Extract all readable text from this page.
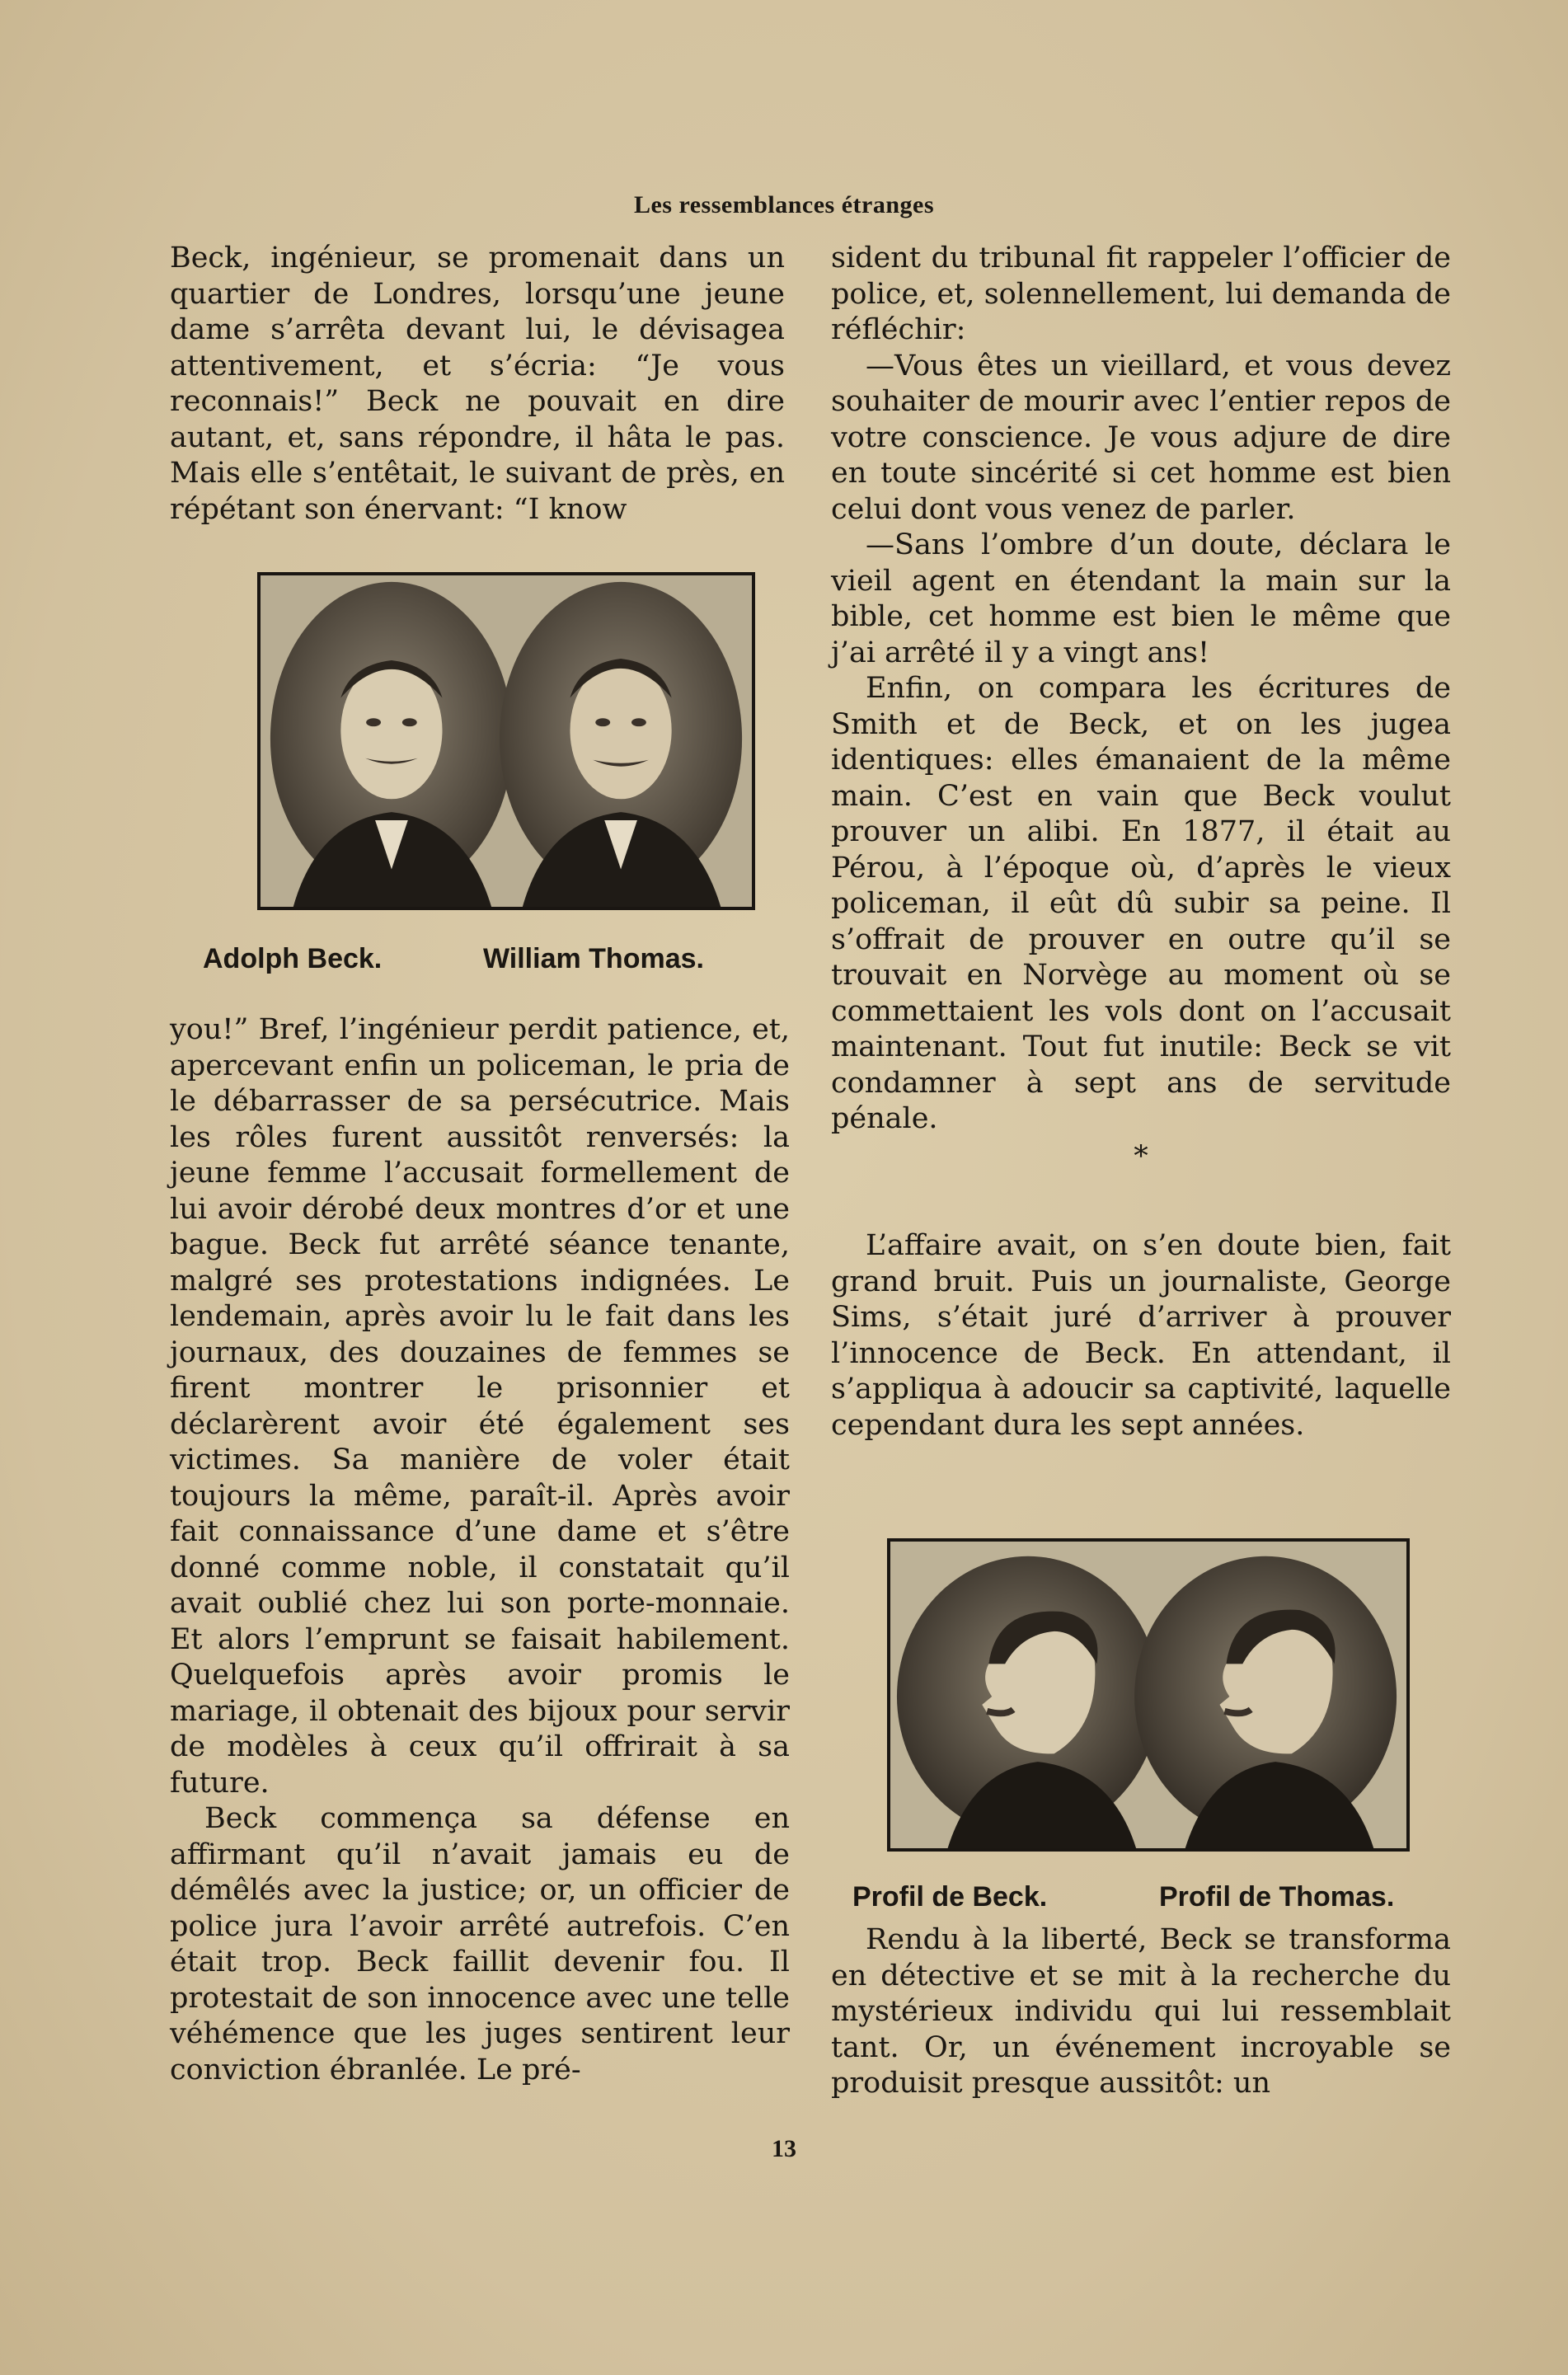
Les ressemblances étranges

Beck, ingénieur, se promenait dans un quartier de Londres, lorsqu’une jeune dame s’arrêta devant lui, le dévisagea attentivement, et s’écria: “Je vous reconnais!” Beck ne pouvait en dire autant, et, sans répondre, il hâta le pas. Mais elle s’entêtait, le suivant de près, en répétant son énervant: “I know

Adolph Beck.	William Thomas.

you!” Bref, l’ingénieur perdit patience, et, apercevant enfin un policeman, le pria de le débarrasser de sa persécutrice. Mais les rôles furent aussitôt renversés: la jeune femme l’accusait formellement de lui avoir dérobé deux montres d’or et une bague. Beck fut arrêté séance tenante, malgré ses protestations indignées. Le lendemain, après avoir lu le fait dans les journaux, des douzaines de femmes se firent montrer le prisonnier et déclarèrent avoir été également ses victimes. Sa manière de voler était toujours la même, paraît-il. Après avoir fait connaissance d’une dame et s’être donné comme noble, il constatait qu’il avait oublié chez lui son porte-monnaie. Et alors l’emprunt se faisait habilement. Quelquefois après avoir promis le mariage, il obtenait des bijoux pour servir de modèles à ceux qu’il offrirait à sa future.

Beck commença sa défense en affirmant qu’il n’avait jamais eu de démêlés avec la justice; or, un officier de police jura l’avoir arrêté autrefois. C’en était trop. Beck faillit devenir fou. Il protestait de son innocence avec une telle véhémence que les juges sentirent leur conviction ébranlée. Le pré-

sident du tribunal fit rappeler l’officier de police, et, solennellement, lui demanda de réfléchir:

—Vous êtes un vieillard, et vous devez souhaiter de mourir avec l’entier repos de votre conscience. Je vous adjure de dire en toute sincérité si cet homme est bien celui dont vous venez de parler.

—Sans l’ombre d’un doute, déclara le vieil agent en étendant la main sur la bible, cet homme est bien le même que j’ai arrêté il y a vingt ans!

Enfin, on compara les écritures de Smith et de Beck, et on les jugea identiques: elles émanaient de la même main. C’est en vain que Beck voulut prouver un alibi. En 1877, il était au Pérou, à l’époque où, d’après le vieux policeman, il eût dû subir sa peine. Il s’offrait de prouver en outre qu’il se trouvait en Norvège au moment où se commettaient les vols dont on l’accusait maintenant. Tout fut inutile: Beck se vit condamner à sept ans de servitude pénale.

*

L’affaire avait, on s’en doute bien, fait grand bruit. Puis un journaliste, George Sims, s’était juré d’arriver à prouver l’innocence de Beck. En attendant, il s’appliqua à adoucir sa captivité, laquelle cependant dura les sept années.

Profil de Beck.	Profil de Thomas.

Rendu à la liberté, Beck se transforma en détective et se mit à la recherche du mystérieux individu qui lui ressemblait tant. Or, un événement incroyable se produisit presque aussitôt: un

13
